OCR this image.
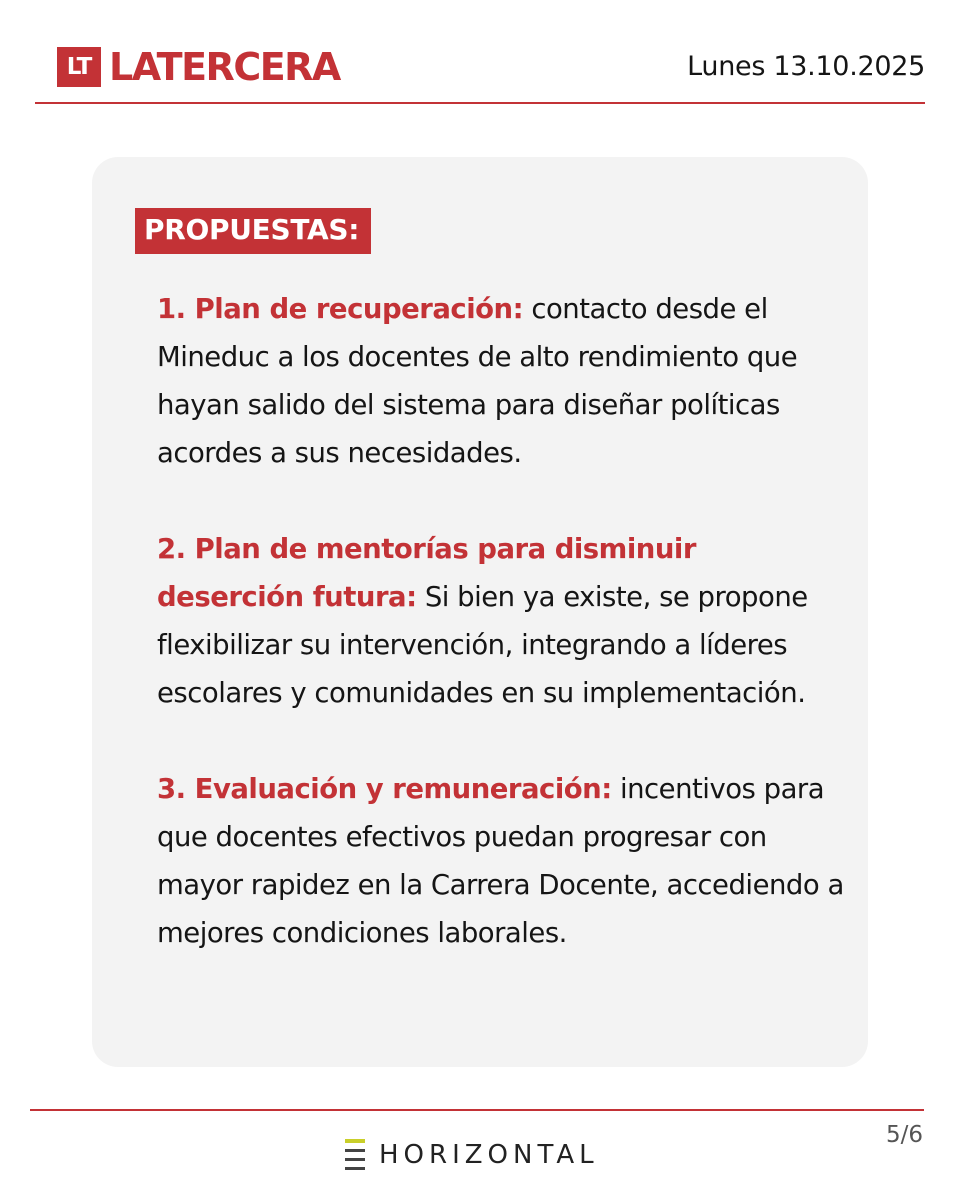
LT LATERCERA	Lunes 13.10.2025
PROPUESTAS:

1. Plan de recuperación: contacto desde el Mineduc a los docentes de alto rendimiento que hayan salido del sistema para diseñar políticas acordes a sus necesidades.

2. Plan de mentorías para disminuir deserción futura: Si bien ya existe, se propone flexibilizar su intervención, integrando a líderes escolares y comunidades en su implementación.

3. Evaluación y remuneración: incentivos para que docentes efectivos puedan progresar con mayor rapidez en la Carrera Docente, accediendo a mejores condiciones laborales.

5/6
HORIZONTAL
